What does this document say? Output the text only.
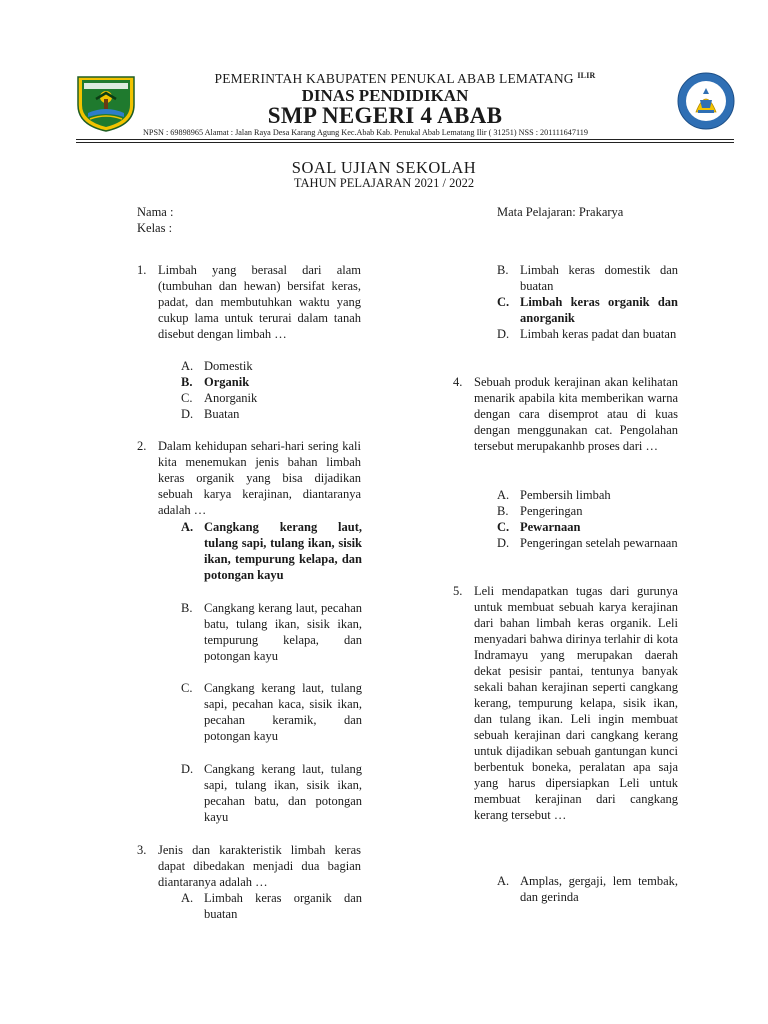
PEMERINTAH KABUPATEN PENUKAL ABAB LEMATANG $^{ILIR}$
DINAS PENDIDIKAN
SMP NEGERI 4 ABAB
NPSN : 69898965 Alamat : Jalan Raya Desa Karang Agung Kec.Abab Kab. Penukal Abab Lematang Ilir ( 31251) NSS : 201111647119
SOAL UJIAN SEKOLAH
TAHUN PELAJARAN 2021 / 2022
Nama :
Kelas :
Mata Pelajaran: Prakarya
1. Limbah yang berasal dari alam (tumbuhan dan hewan) bersifat keras, padat, dan membutuhkan waktu yang cukup lama untuk terurai dalam tanah disebut dengan limbah …
A. Domestik
B. Organik
C. Anorganik
D. Buatan
2. Dalam kehidupan sehari-hari sering kali kita menemukan jenis bahan limbah keras organik yang bisa dijadikan sebuah karya kerajinan, diantaranya adalah …
A. Cangkang kerang laut, tulang sapi, tulang ikan, sisik ikan, tempurung kelapa, dan potongan kayu
B. Cangkang kerang laut, pecahan batu, tulang ikan, sisik ikan, tempurung kelapa, dan potongan kayu
C. Cangkang kerang laut, tulang sapi, pecahan kaca, sisik ikan, pecahan keramik, dan potongan kayu
D. Cangkang kerang laut, tulang sapi, tulang ikan, sisik ikan, pecahan batu, dan potongan kayu
3. Jenis dan karakteristik limbah keras dapat dibedakan menjadi dua bagian diantaranya adalah …
A. Limbah keras organik dan buatan
B. Limbah keras domestik dan buatan
C. Limbah keras organik dan anorganik
D. Limbah keras padat dan buatan
4. Sebuah produk kerajinan akan kelihatan menarik apabila kita memberikan warna dengan cara disemprot atau di kuas dengan menggunakan cat. Pengolahan tersebut merupakanhb proses dari …
A. Pembersih limbah
B. Pengeringan
C. Pewarnaan
D. Pengeringan setelah pewarnaan
5. Leli mendapatkan tugas dari gurunya untuk membuat sebuah karya kerajinan dari bahan limbah keras organik. Leli menyadari bahwa dirinya terlahir di kota Indramayu yang merupakan daerah dekat pesisir pantai, tentunya banyak sekali bahan kerajinan seperti cangkang kerang, tempurung kelapa, sisik ikan, dan tulang ikan. Leli ingin membuat sebuah kerajinan dari cangkang kerang untuk dijadikan sebuah gantungan kunci berbentuk boneka, peralatan apa saja yang harus dipersiapkan Leli untuk membuat kerajinan dari cangkang kerang tersebut …
A. Amplas, gergaji, lem tembak, dan gerinda
